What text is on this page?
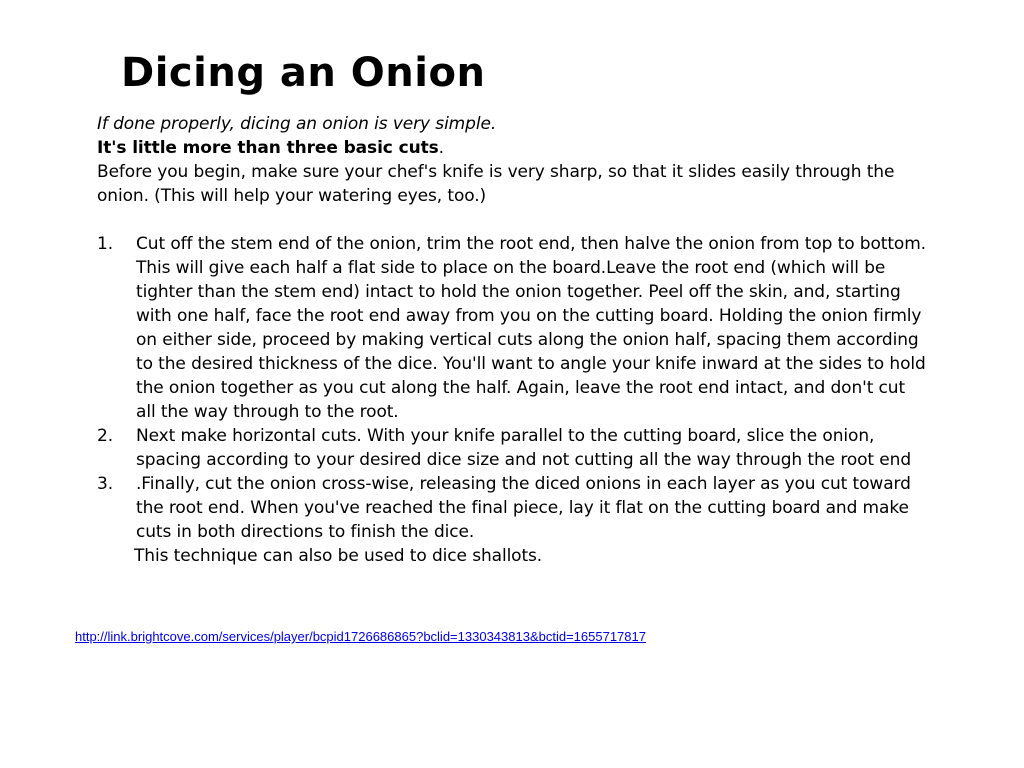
Dicing an Onion

If done properly, dicing an onion is very simple.

It's little more than three basic cuts.

Before you begin, make sure your chef's knife is very sharp, so that it slides easily through the onion. (This will help your watering eyes, too.)

1. Cut off the stem end of the onion, trim the root end, then halve the onion from top to bottom. This will give each half a flat side to place on the board.Leave the root end (which will be tighter than the stem end) intact to hold the onion together. Peel off the skin, and, starting with one half, face the root end away from you on the cutting board. Holding the onion firmly on either side, proceed by making vertical cuts along the onion half, spacing them according to the desired thickness of the dice. You'll want to angle your knife inward at the sides to hold the onion together as you cut along the half. Again, leave the root end intact, and don't cut all the way through to the root.
2. Next make horizontal cuts. With your knife parallel to the cutting board, slice the onion, spacing according to your desired dice size and not cutting all the way through the root end
3. .Finally, cut the onion cross-wise, releasing the diced onions in each layer as you cut toward the root end. When you've reached the final piece, lay it flat on the cutting board and make cuts in both directions to finish the dice.

This technique can also be used to dice shallots.

http://link.brightcove.com/services/player/bcpid1726686865?bclid=1330343813&bctid=1655717817
